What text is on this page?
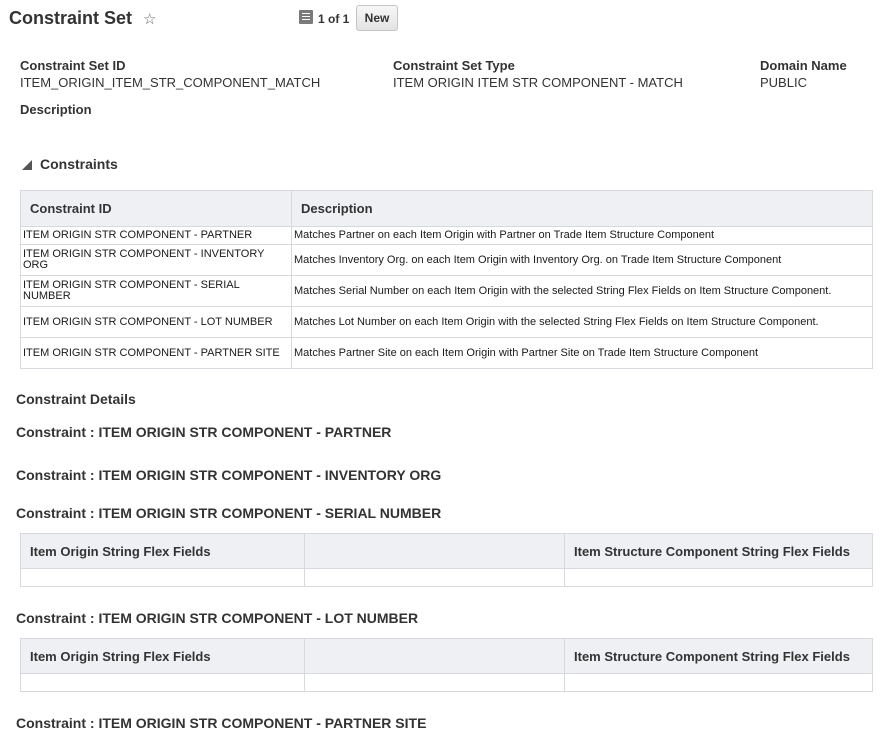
Constraint Set ☆	1 of 1	New
Constraint Set ID
ITEM_ORIGIN_ITEM_STR_COMPONENT_MATCH
Constraint Set Type
ITEM ORIGIN ITEM STR COMPONENT - MATCH
Domain Name
PUBLIC
Description
Constraints
Constraint ID	Description
ITEM ORIGIN STR COMPONENT - PARTNER	Matches Partner on each Item Origin with Partner on Trade Item Structure Component
ITEM ORIGIN STR COMPONENT - INVENTORY ORG	Matches Inventory Org. on each Item Origin with Inventory Org. on Trade Item Structure Component
ITEM ORIGIN STR COMPONENT - SERIAL NUMBER	Matches Serial Number on each Item Origin with the selected String Flex Fields on Item Structure Component.
ITEM ORIGIN STR COMPONENT - LOT NUMBER	Matches Lot Number on each Item Origin with the selected String Flex Fields on Item Structure Component.
ITEM ORIGIN STR COMPONENT - PARTNER SITE	Matches Partner Site on each Item Origin with Partner Site on Trade Item Structure Component
Constraint Details
Constraint : ITEM ORIGIN STR COMPONENT - PARTNER
Constraint : ITEM ORIGIN STR COMPONENT - INVENTORY ORG
Constraint : ITEM ORIGIN STR COMPONENT - SERIAL NUMBER
Item Origin String Flex Fields		Item Structure Component String Flex Fields

Constraint : ITEM ORIGIN STR COMPONENT - LOT NUMBER
Item Origin String Flex Fields		Item Structure Component String Flex Fields

Constraint : ITEM ORIGIN STR COMPONENT - PARTNER SITE
